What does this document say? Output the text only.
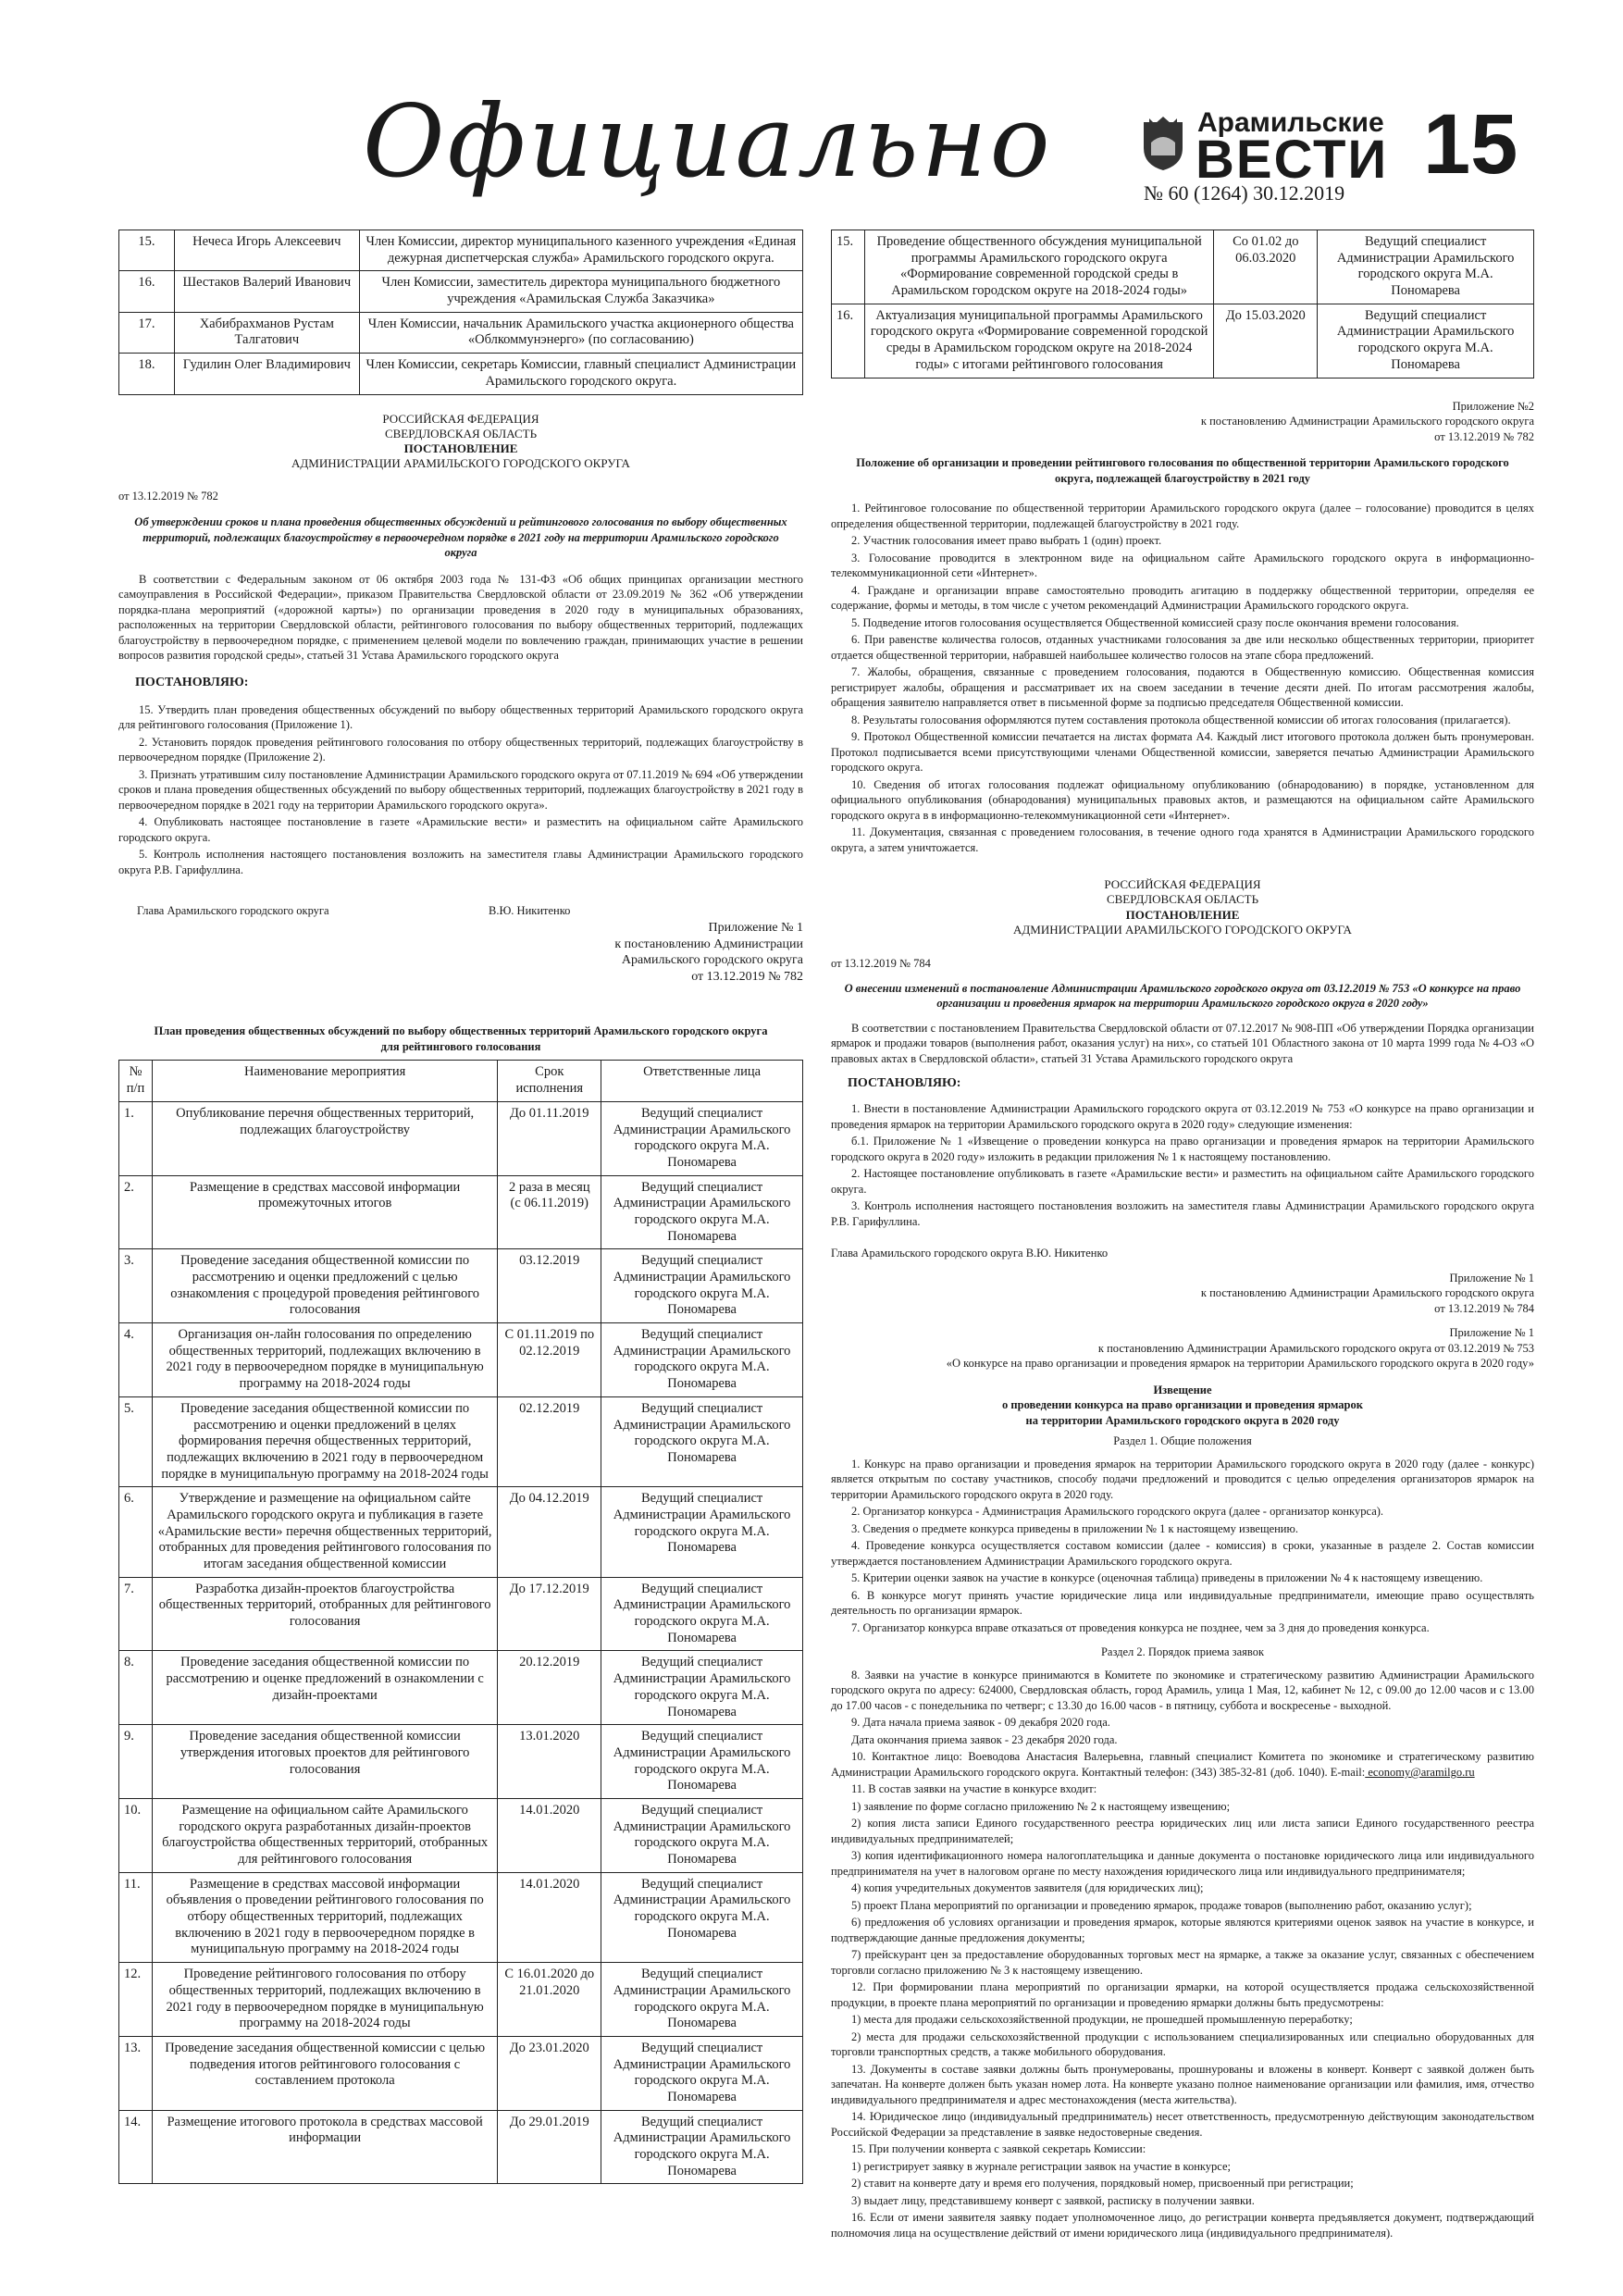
Официально	Арамильские
ВЕСТИ 15
№ 60 (1264) 30.12.2019
15.	Нечеса Игорь Алексеевич	Член Комиссии, директор муниципального казенного учреждения «Единая дежурная диспетчерская служба» Арамильского городского округа.
16.	Шестаков Валерий Иванович	Член Комиссии, заместитель директора муниципального бюджетного учреждения «Арамильская Служба Заказчика»
17.	Хабибрахманов Рустам Талгатович	Член Комиссии, начальник Арамильского участка акционерного общества «Облкоммунэнерго» (по согласованию)
18.	Гудилин Олег Владимирович	Член Комиссии, секретарь Комиссии, главный специалист Администрации Арамильского городского округа.
РОССИЙСКАЯ ФЕДЕРАЦИЯ
СВЕРДЛОВСКАЯ ОБЛАСТЬ
ПОСТАНОВЛЕНИЕ
АДМИНИСТРАЦИИ АРАМИЛЬСКОГО ГОРОДСКОГО ОКРУГА
от 13.12.2019 № 782
Об утверждении сроков и плана проведения общественных обсуждений и рейтингового голосования по выбору общественных территорий, подлежащих благоустройству в первоочередном порядке в 2021 году на территории Арамильского городского округа

В соответствии с Федеральным законом от 06 октября 2003 года № 131-ФЗ «Об общих принципах организации местного самоуправления в Российской Федерации», приказом Правительства Свердловской области от 23.09.2019 № 362 «Об утверждении порядка-плана мероприятий («дорожной карты») по организации проведения в 2020 году в муниципальных образованиях, расположенных на территории Свердловской области, рейтингового голосования по выбору общественных территорий, подлежащих благоустройству в первоочередном порядке, с применением целевой модели по вовлечению граждан, принимающих участие в решении вопросов развития городской среды», статьей 31 Устава Арамильского городского округа

ПОСТАНОВЛЯЮ:

15. Утвердить план проведения общественных обсуждений по выбору общественных территорий Арамильского городского округа для рейтингового голосования (Приложение 1).

2. Установить порядок проведения рейтингового голосования по отбору общественных территорий, подлежащих благоустройству в первоочередном порядке (Приложение 2).

3. Признать утратившим силу постановление Администрации Арамильского городского округа от 07.11.2019 № 694 «Об утверждении сроков и плана проведения общественных обсуждений по выбору общественных территорий, подлежащих благоустройству в 2021 году в первоочередном порядке в 2021 году на территории Арамильского городского округа».

4. Опубликовать настоящее постановление в газете «Арамильские вести» и разместить на официальном сайте Арамильского городского округа.

5. Контроль исполнения настоящего постановления возложить на заместителя главы Администрации Арамильского городского округа Р.В. Гарифуллина.

Глава Арамильского городского округа	В.Ю. Никитенко
Приложение № 1
к постановлению Администрации
Арамильского городского округа
от 13.12.2019 № 782
План проведения общественных обсуждений по выбору общественных территорий Арамильского городского округа для рейтингового голосования
№ п/п	Наименование мероприятия	Срок исполнения	Ответственные лица
1.	Опубликование перечня общественных территорий, подлежащих благоустройству	До 01.11.2019	Ведущий специалист Администрации Арамильского городского округа М.А. Пономарева
2.	Размещение в средствах массовой информации промежуточных итогов	2 раза в месяц (с 06.11.2019)	Ведущий специалист Администрации Арамильского городского округа М.А. Пономарева
3.	Проведение заседания общественной комиссии по рассмотрению и оценки предложений с целью ознакомления с процедурой проведения рейтингового голосования	03.12.2019	Ведущий специалист Администрации Арамильского городского округа М.А. Пономарева
4.	Организация он-лайн голосования по определению общественных территорий, подлежащих включению в 2021 году в первоочередном порядке в муниципальную программу на 2018-2024 годы	С 01.11.2019 по 02.12.2019	Ведущий специалист Администрации Арамильского городского округа М.А. Пономарева
5.	Проведение заседания общественной комиссии по рассмотрению и оценки предложений в целях формирования перечня общественных территорий, подлежащих включению в 2021 году в первоочередном порядке в муниципальную программу на 2018-2024 годы	02.12.2019	Ведущий специалист Администрации Арамильского городского округа М.А. Пономарева
6.	Утверждение и размещение на официальном сайте Арамильского городского округа и публикация в газете «Арамильские вести» перечня общественных территорий, отобранных для проведения рейтингового голосования по итогам заседания общественной комиссии	До 04.12.2019	Ведущий специалист Администрации Арамильского городского округа М.А. Пономарева
7.	Разработка дизайн-проектов благоустройства общественных территорий, отобранных для рейтингового голосования	До 17.12.2019	Ведущий специалист Администрации Арамильского городского округа М.А. Пономарева
8.	Проведение заседания общественной комиссии по рассмотрению и оценке предложений в ознакомлении с дизайн-проектами	20.12.2019	Ведущий специалист Администрации Арамильского городского округа М.А. Пономарева
9.	Проведение заседания общественной комиссии утверждения итоговых проектов для рейтингового голосования	13.01.2020	Ведущий специалист Администрации Арамильского городского округа М.А. Пономарева
10.	Размещение на официальном сайте Арамильского городского округа разработанных дизайн-проектов благоустройства общественных территорий, отобранных для рейтингового голосования	14.01.2020	Ведущий специалист Администрации Арамильского городского округа М.А. Пономарева
11.	Размещение в средствах массовой информации объявления о проведении рейтингового голосования по отбору общественных территорий, подлежащих включению в 2021 году в первоочередном порядке в муниципальную программу на 2018-2024 годы	14.01.2020	Ведущий специалист Администрации Арамильского городского округа М.А. Пономарева
12.	Проведение рейтингового голосования по отбору общественных территорий, подлежащих включению в 2021 году в первоочередном порядке в муниципальную программу на 2018-2024 годы	С 16.01.2020 до 21.01.2020	Ведущий специалист Администрации Арамильского городского округа М.А. Пономарева
13.	Проведение заседания общественной комиссии с целью подведения итогов рейтингового голосования с составлением протокола	До 23.01.2020	Ведущий специалист Администрации Арамильского городского округа М.А. Пономарева
14.	Размещение итогового протокола в средствах массовой информации	До 29.01.2019	Ведущий специалист Администрации Арамильского городского округа М.А. Пономарева
15.	Проведение общественного обсуждения муниципальной программы Арамильского городского округа «Формирование современной городской среды в Арамильском городском округе на 2018-2024 годы»	Со 01.02 до 06.03.2020	Ведущий специалист Администрации Арамильского городского округа М.А. Пономарева
16.	Актуализация муниципальной программы Арамильского городского округа «Формирование современной городской среды в Арамильском городском округе на 2018-2024 годы» с итогами рейтингового голосования	До 15.03.2020	Ведущий специалист Администрации Арамильского городского округа М.А. Пономарева
Приложение №2
к постановлению Администрации Арамильского городского округа
от 13.12.2019 № 782
Положение об организации и проведении рейтингового голосования по общественной территории Арамильского городского округа, подлежащей благоустройству в 2021 году

1. Рейтинговое голосование по общественной территории Арамильского городского округа (далее – голосование) проводится в целях определения общественной территории, подлежащей благоустройству в 2021 году.

2. Участник голосования имеет право выбрать 1 (один) проект.

3. Голосование проводится в электронном виде на официальном сайте Арамильского городского округа в информационно-телекоммуникационной сети «Интернет».

4. Граждане и организации вправе самостоятельно проводить агитацию в поддержку общественной территории, определяя ее содержание, формы и методы, в том числе с учетом рекомендаций Администрации Арамильского городского округа.

5. Подведение итогов голосования осуществляется Общественной комиссией сразу после окончания времени голосования.

6. При равенстве количества голосов, отданных участниками голосования за две или несколько общественных территории, приоритет отдается общественной территории, набравшей наибольшее количество голосов на этапе сбора предложений.

7. Жалобы, обращения, связанные с проведением голосования, подаются в Общественную комиссию. Общественная комиссия регистрирует жалобы, обращения и рассматривает их на своем заседании в течение десяти дней. По итогам рассмотрения жалобы, обращения заявителю направляется ответ в письменной форме за подписью председателя Общественной комиссии.

8. Результаты голосования оформляются путем составления протокола общественной комиссии об итогах голосования (прилагается).

9. Протокол Общественной комиссии печатается на листах формата А4. Каждый лист итогового протокола должен быть пронумерован. Протокол подписывается всеми присутствующими членами Общественной комиссии, заверяется печатью Администрации Арамильского городского округа.

10. Сведения об итогах голосования подлежат официальному опубликованию (обнародованию) в порядке, установленном для официального опубликования (обнародования) муниципальных правовых актов, и размещаются на официальном сайте Арамильского городского округа в в информационно-телекоммуникационной сети «Интернет».

11. Документация, связанная с проведением голосования, в течение одного года хранятся в Администрации Арамильского городского округа, а затем уничтожается.

РОССИЙСКАЯ ФЕДЕРАЦИЯ
СВЕРДЛОВСКАЯ ОБЛАСТЬ
ПОСТАНОВЛЕНИЕ
АДМИНИСТРАЦИИ АРАМИЛЬСКОГО ГОРОДСКОГО ОКРУГА
от 13.12.2019 № 784
О внесении изменений в постановление Администрации Арамильского городского округа от 03.12.2019 № 753 «О конкурсе на право организации и проведения ярмарок на территории Арамильского городского округа в 2020 году»

В соответствии с постановлением Правительства Свердловской области от 07.12.2017 № 908-ПП «Об утверждении Порядка организации ярмарок и продажи товаров (выполнения работ, оказания услуг) на них», со статьей 101 Областного закона от 10 марта 1999 года № 4-ОЗ «О правовых актах в Свердловской области», статьей 31 Устава Арамильского городского округа

ПОСТАНОВЛЯЮ:

1. Внести в постановление Администрации Арамильского городского округа от 03.12.2019 № 753 «О конкурсе на право организации и проведения ярмарок на территории Арамильского городского округа в 2020 году» следующие изменения:

б.1. Приложение № 1 «Извещение о проведении конкурса на право организации и проведения ярмарок на территории Арамильского городского округа в 2020 году» изложить в редакции приложения № 1 к настоящему постановлению.

2. Настоящее постановление опубликовать в газете «Арамильские вести» и разместить на официальном сайте Арамильского городского округа.

3. Контроль исполнения настоящего постановления возложить на заместителя главы Администрации Арамильского городского округа Р.В. Гарифуллина.

Глава Арамильского городского округа В.Ю. Никитенко
Приложение № 1
к постановлению Администрации Арамильского городского округа
от 13.12.2019 № 784
Приложение № 1
к постановлению Администрации Арамильского городского округа от 03.12.2019 № 753
«О конкурсе на право организации и проведения ярмарок на территории Арамильского городского округа в 2020 году»
Извещение
о проведении конкурса на право организации и проведения ярмарок
на территории Арамильского городского округа в 2020 году
Раздел 1. Общие положения

1. Конкурс на право организации и проведения ярмарок на территории Арамильского городского округа в 2020 году (далее - конкурс) является открытым по составу участников, способу подачи предложений и проводится с целью определения организаторов ярмарок на территории Арамильского городского округа в 2020 году.

2. Организатор конкурса - Администрация Арамильского городского округа (далее - организатор конкурса).

3. Сведения о предмете конкурса приведены в приложении № 1 к настоящему извещению.

4. Проведение конкурса осуществляется составом комиссии (далее - комиссия) в сроки, указанные в разделе 2. Состав комиссии утверждается постановлением Администрации Арамильского городского округа.

5. Критерии оценки заявок на участие в конкурсе (оценочная таблица) приведены в приложении № 4 к настоящему извещению.

6. В конкурсе могут принять участие юридические лица или индивидуальные предприниматели, имеющие право осуществлять деятельность по организации ярмарок.

7. Организатор конкурса вправе отказаться от проведения конкурса не позднее, чем за 3 дня до проведения конкурса.

Раздел 2. Порядок приема заявок

8. Заявки на участие в конкурсе принимаются в Комитете по экономике и стратегическому развитию Администрации Арамильского городского округа по адресу: 624000, Свердловская область, город Арамиль, улица 1 Мая, 12, кабинет № 12, с 09.00 до 12.00 часов и с 13.00 до 17.00 часов - с понедельника по четверг; с 13.30 до 16.00 часов - в пятницу, суббота и воскресенье - выходной.

9. Дата начала приема заявок - 09 декабря 2020 года.

Дата окончания приема заявок - 23 декабря 2020 года.

10. Контактное лицо: Воеводова Анастасия Валерьевна, главный специалист Комитета по экономике и стратегическому развитию Администрации Арамильского городского округа. Контактный телефон: (343) 385-32-81 (доб. 1040). E-mail: economy@aramilgo.ru

11. В состав заявки на участие в конкурсе входит:

1) заявление по форме согласно приложению № 2 к настоящему извещению;

2) копия листа записи Единого государственного реестра юридических лиц или листа записи Единого государственного реестра индивидуальных предпринимателей;

3) копия идентификационного номера налогоплательщика и данные документа о постановке юридического лица или индивидуального предпринимателя на учет в налоговом органе по месту нахождения юридического лица или индивидуального предпринимателя;

4) копия учредительных документов заявителя (для юридических лиц);

5) проект Плана мероприятий по организации и проведению ярмарок, продаже товаров (выполнению работ, оказанию услуг);

6) предложения об условиях организации и проведения ярмарок, которые являются критериями оценок заявок на участие в конкурсе, и подтверждающие данные предложения документы;

7) прейскурант цен за предоставление оборудованных торговых мест на ярмарке, а также за оказание услуг, связанных с обеспечением торговли согласно приложению № 3 к настоящему извещению.

12. При формировании плана мероприятий по организации ярмарки, на которой осуществляется продажа сельскохозяйственной продукции, в проекте плана мероприятий по организации и проведению ярмарки должны быть предусмотрены:

1) места для продажи сельскохозяйственной продукции, не прошедшей промышленную переработку;

2) места для продажи сельскохозяйственной продукции с использованием специализированных или специально оборудованных для торговли транспортных средств, а также мобильного оборудования.

13. Документы в составе заявки должны быть пронумерованы, прошнурованы и вложены в конверт. Конверт с заявкой должен быть запечатан. На конверте должен быть указан номер лота. На конверте указано полное наименование организации или фамилия, имя, отчество индивидуального предпринимателя и адрес местонахождения (места жительства).

14. Юридическое лицо (индивидуальный предприниматель) несет ответственность, предусмотренную действующим законодательством Российской Федерации за представление в заявке недостоверные сведения.

15. При получении конверта с заявкой секретарь Комиссии:

1) регистрирует заявку в журнале регистрации заявок на участие в конкурсе;

2) ставит на конверте дату и время его получения, порядковый номер, присвоенный при регистрации;

3) выдает лицу, представившему конверт с заявкой, расписку в получении заявки.

16. Если от имени заявителя заявку подает уполномоченное лицо, до регистрации конверта предъявляется документ, подтверждающий полномочия лица на осуществление действий от имени юридического лица (индивидуального предпринимателя).
